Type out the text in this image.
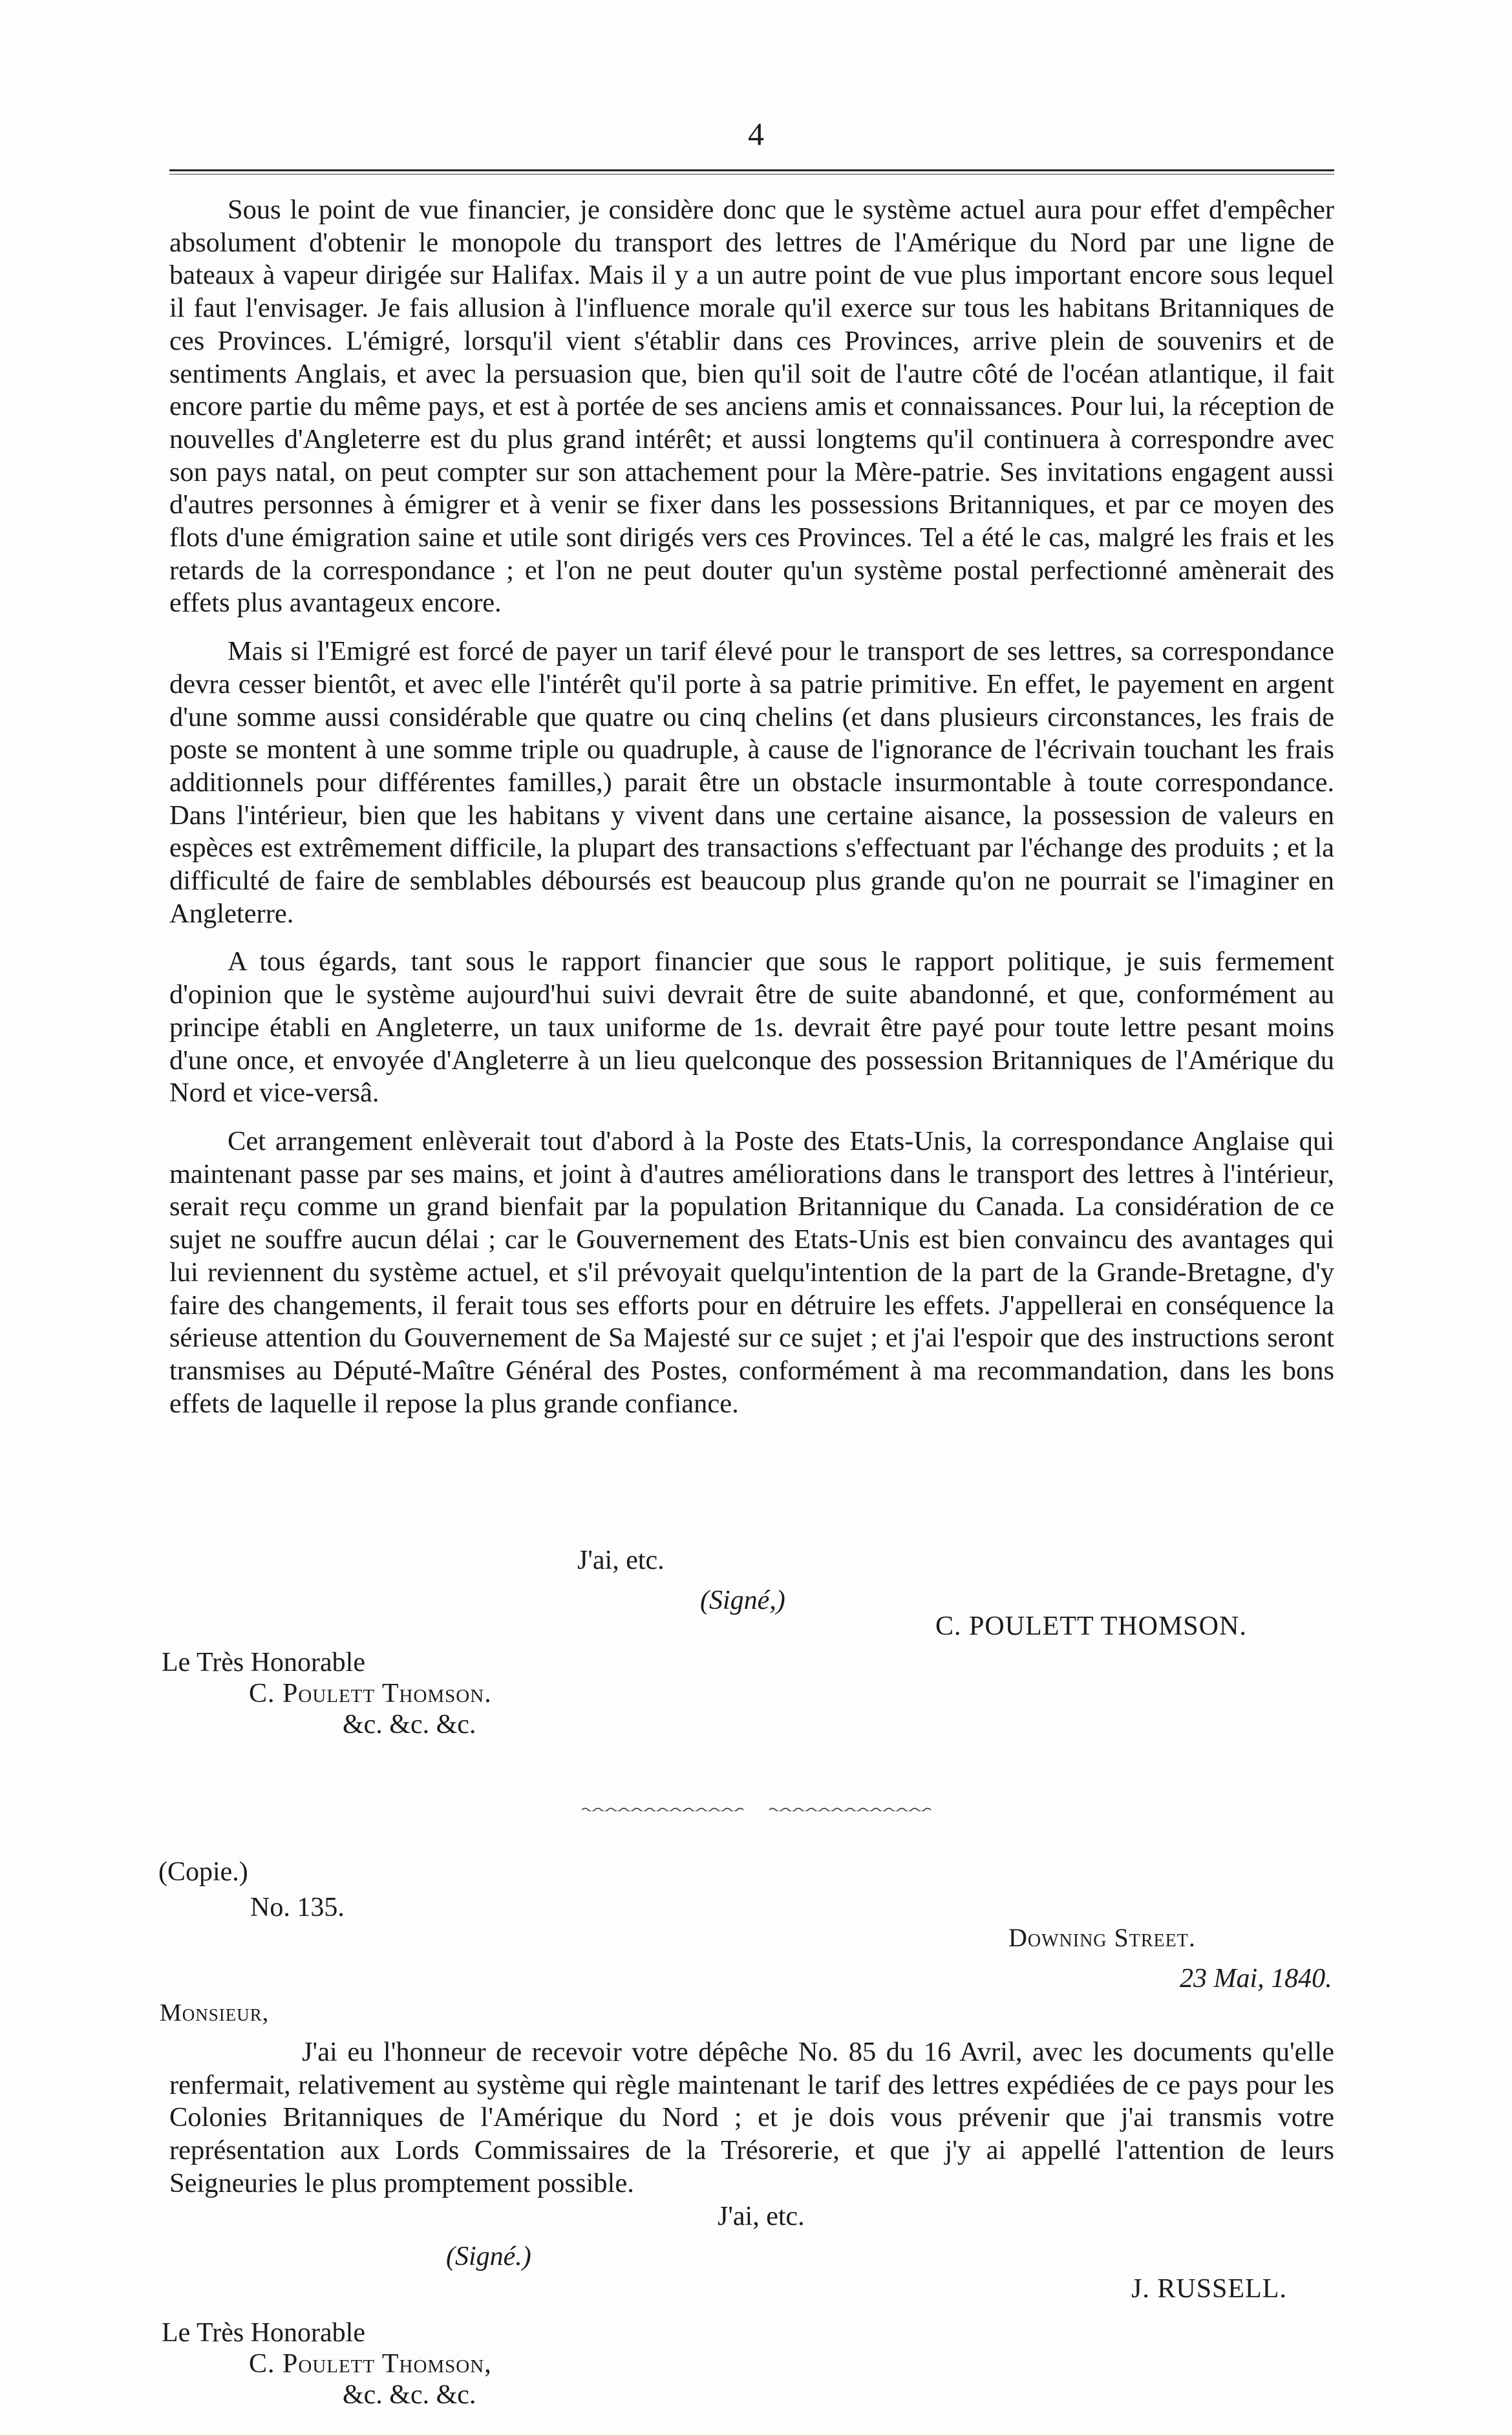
4

Sous le point de vue financier, je considère donc que le système actuel aura pour effet d'empêcher absolument d'obtenir le monopole du transport des lettres de l'Amérique du Nord par une ligne de bateaux à vapeur dirigée sur Halifax. Mais il y a un autre point de vue plus important encore sous lequel il faut l'envisager. Je fais allusion à l'influence morale qu'il exerce sur tous les habitans Britanniques de ces Provinces. L'émigré, lorsqu'il vient s'établir dans ces Provinces, arrive plein de souvenirs et de sentiments Anglais, et avec la persuasion que, bien qu'il soit de l'autre côté de l'océan atlantique, il fait encore partie du même pays, et est à portée de ses anciens amis et connaissances. Pour lui, la réception de nouvelles d'Angleterre est du plus grand intérêt; et aussi longtems qu'il continuera à correspondre avec son pays natal, on peut compter sur son attachement pour la Mère-patrie. Ses invitations engagent aussi d'autres personnes à émigrer et à venir se fixer dans les possessions Britanniques, et par ce moyen des flots d'une émigration saine et utile sont dirigés vers ces Provinces. Tel a été le cas, malgré les frais et les retards de la correspondance ; et l'on ne peut douter qu'un système postal perfectionné amènerait des effets plus avantageux encore.

Mais si l'Emigré est forcé de payer un tarif élevé pour le transport de ses lettres, sa correspondance devra cesser bientôt, et avec elle l'intérêt qu'il porte à sa patrie primitive. En effet, le payement en argent d'une somme aussi considérable que quatre ou cinq chelins (et dans plusieurs circonstances, les frais de poste se montent à une somme triple ou quadruple, à cause de l'ignorance de l'écrivain touchant les frais additionnels pour différentes familles,) parait être un obstacle insurmontable à toute correspondance. Dans l'intérieur, bien que les habitans y vivent dans une certaine aisance, la possession de valeurs en espèces est extrêmement difficile, la plupart des transactions s'effectuant par l'échange des produits ; et la difficulté de faire de semblables déboursés est beaucoup plus grande qu'on ne pourrait se l'imaginer en Angleterre.

A tous égards, tant sous le rapport financier que sous le rapport politique, je suis fermement d'opinion que le système aujourd'hui suivi devrait être de suite abandonné, et que, conformément au principe établi en Angleterre, un taux uniforme de 1s. devrait être payé pour toute lettre pesant moins d'une once, et envoyée d'Angleterre à un lieu quelconque des possession Britanniques de l'Amérique du Nord et vice-versâ.

Cet arrangement enlèverait tout d'abord à la Poste des Etats-Unis, la correspondance Anglaise qui maintenant passe par ses mains, et joint à d'autres améliorations dans le transport des lettres à l'intérieur, serait reçu comme un grand bienfait par la population Britannique du Canada. La considération de ce sujet ne souffre aucun délai ; car le Gouvernement des Etats-Unis est bien convaincu des avantages qui lui reviennent du système actuel, et s'il prévoyait quelqu'intention de la part de la Grande-Bretagne, d'y faire des changements, il ferait tous ses efforts pour en détruire les effets. J'appellerai en conséquence la sérieuse attention du Gouvernement de Sa Majesté sur ce sujet ; et j'ai l'espoir que des instructions seront transmises au Député-Maître Général des Postes, conformément à ma recommandation, dans les bons effets de laquelle il repose la plus grande confiance.

J'ai, etc.
(Signé,)
C. POULETT THOMSON.
Le Très Honorable
C. Poulett Thomson.
&c. &c. &c.
(Copie.)
No. 135.
Downing Street.
23 Mai, 1840.
Monsieur,

J'ai eu l'honneur de recevoir votre dépêche No. 85 du 16 Avril, avec les documents qu'elle renfermait, relativement au système qui règle maintenant le tarif des lettres expédiées de ce pays pour les Colonies Britanniques de l'Amérique du Nord ; et je dois vous prévenir que j'ai transmis votre représentation aux Lords Commissaires de la Trésorerie, et que j'y ai appellé l'attention de leurs Seigneuries le plus promptement possible.

J'ai, etc.
(Signé.)
J. RUSSELL.
Le Très Honorable
C. Poulett Thomson,
&c. &c. &c.
